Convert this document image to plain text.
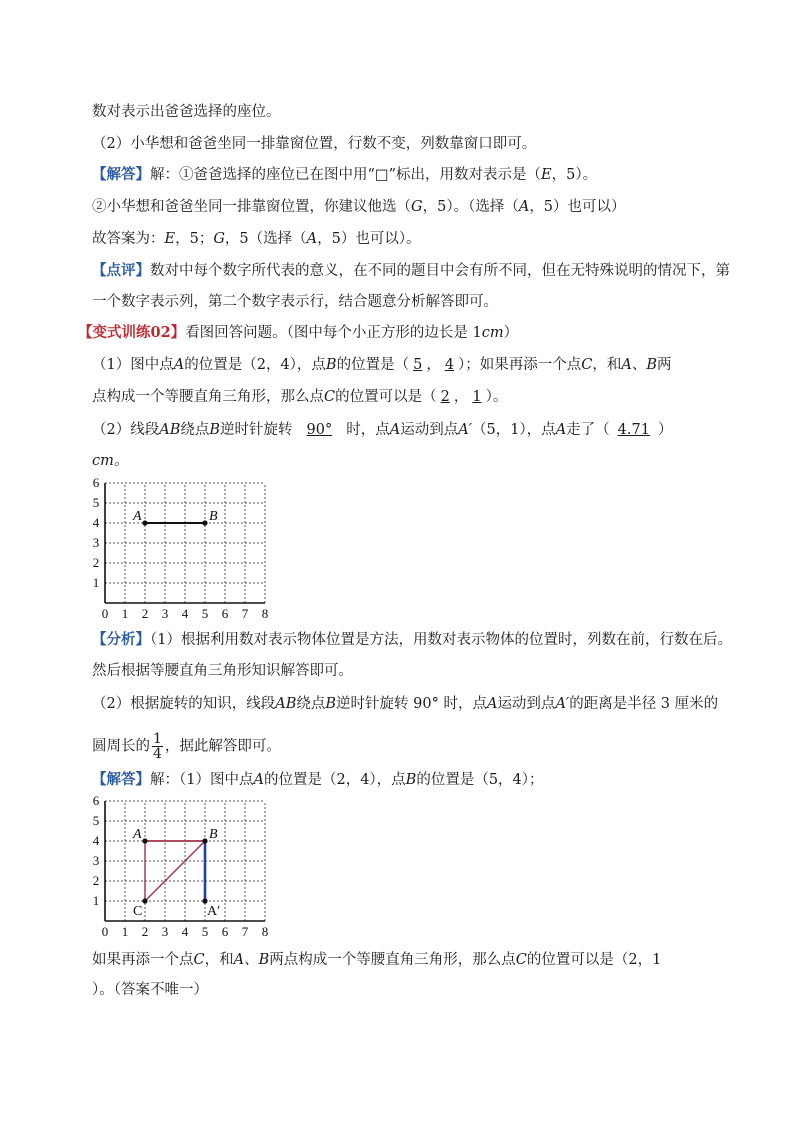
数对表示出爸爸选择的座位。
（2）小华想和爸爸坐同一排靠窗位置，行数不变，列数靠窗口即可。
【解答】解：①爸爸选择的座位已在图中用“□”标出，用数对表示是（E，5）。
②小华想和爸爸坐同一排靠窗位置，你建议他选（G，5）。（选择（A，5）也可以）
故答案为：E，5；G，5（选择（A，5）也可以）。
【点评】数对中每个数字所代表的意义，在不同的题目中会有所不同，但在无特殊说明的情况下，第
一个数字表示列，第二个数字表示行，结合题意分析解答即可。
【变式训练02】看图回答问题。（图中每个小正方形的边长是 1cm）
（1）图中点A的位置是（2，4），点B的位置是（ 5 ， 4 ）；如果再添一个点C，和A、B两
点构成一个等腰直角三角形，那么点C的位置可以是（ 2 ， 1 ）。
（2）线段AB绕点B逆时针旋转 90° 时，点A运动到点A′（5，1），点A走了（ 4.71 ）
cm。
0 1 2 3 4 5 6 7 8
1
2
3
4
5
6
A	B
【分析】（1）根据利用数对表示物体位置是方法，用数对表示物体的位置时，列数在前，行数在后。
然后根据等腰直角三角形知识解答即可。
（2）根据旋转的知识，线段AB绕点B逆时针旋转 90° 时，点A运动到点A′的距离是半径 3 厘米的
圆周长的 $\frac{1}{4}$ ，据此解答即可。
【解答】解：（1）图中点A的位置是（2，4），点B的位置是（5，4）；
0 1 2 3 4 5 6 7 8
1
2
3
4
5
6
A	B
C	A′
如果再添一个点C，和A、B两点构成一个等腰直角三角形，那么点C的位置可以是（2，1
）。（答案不唯一）
